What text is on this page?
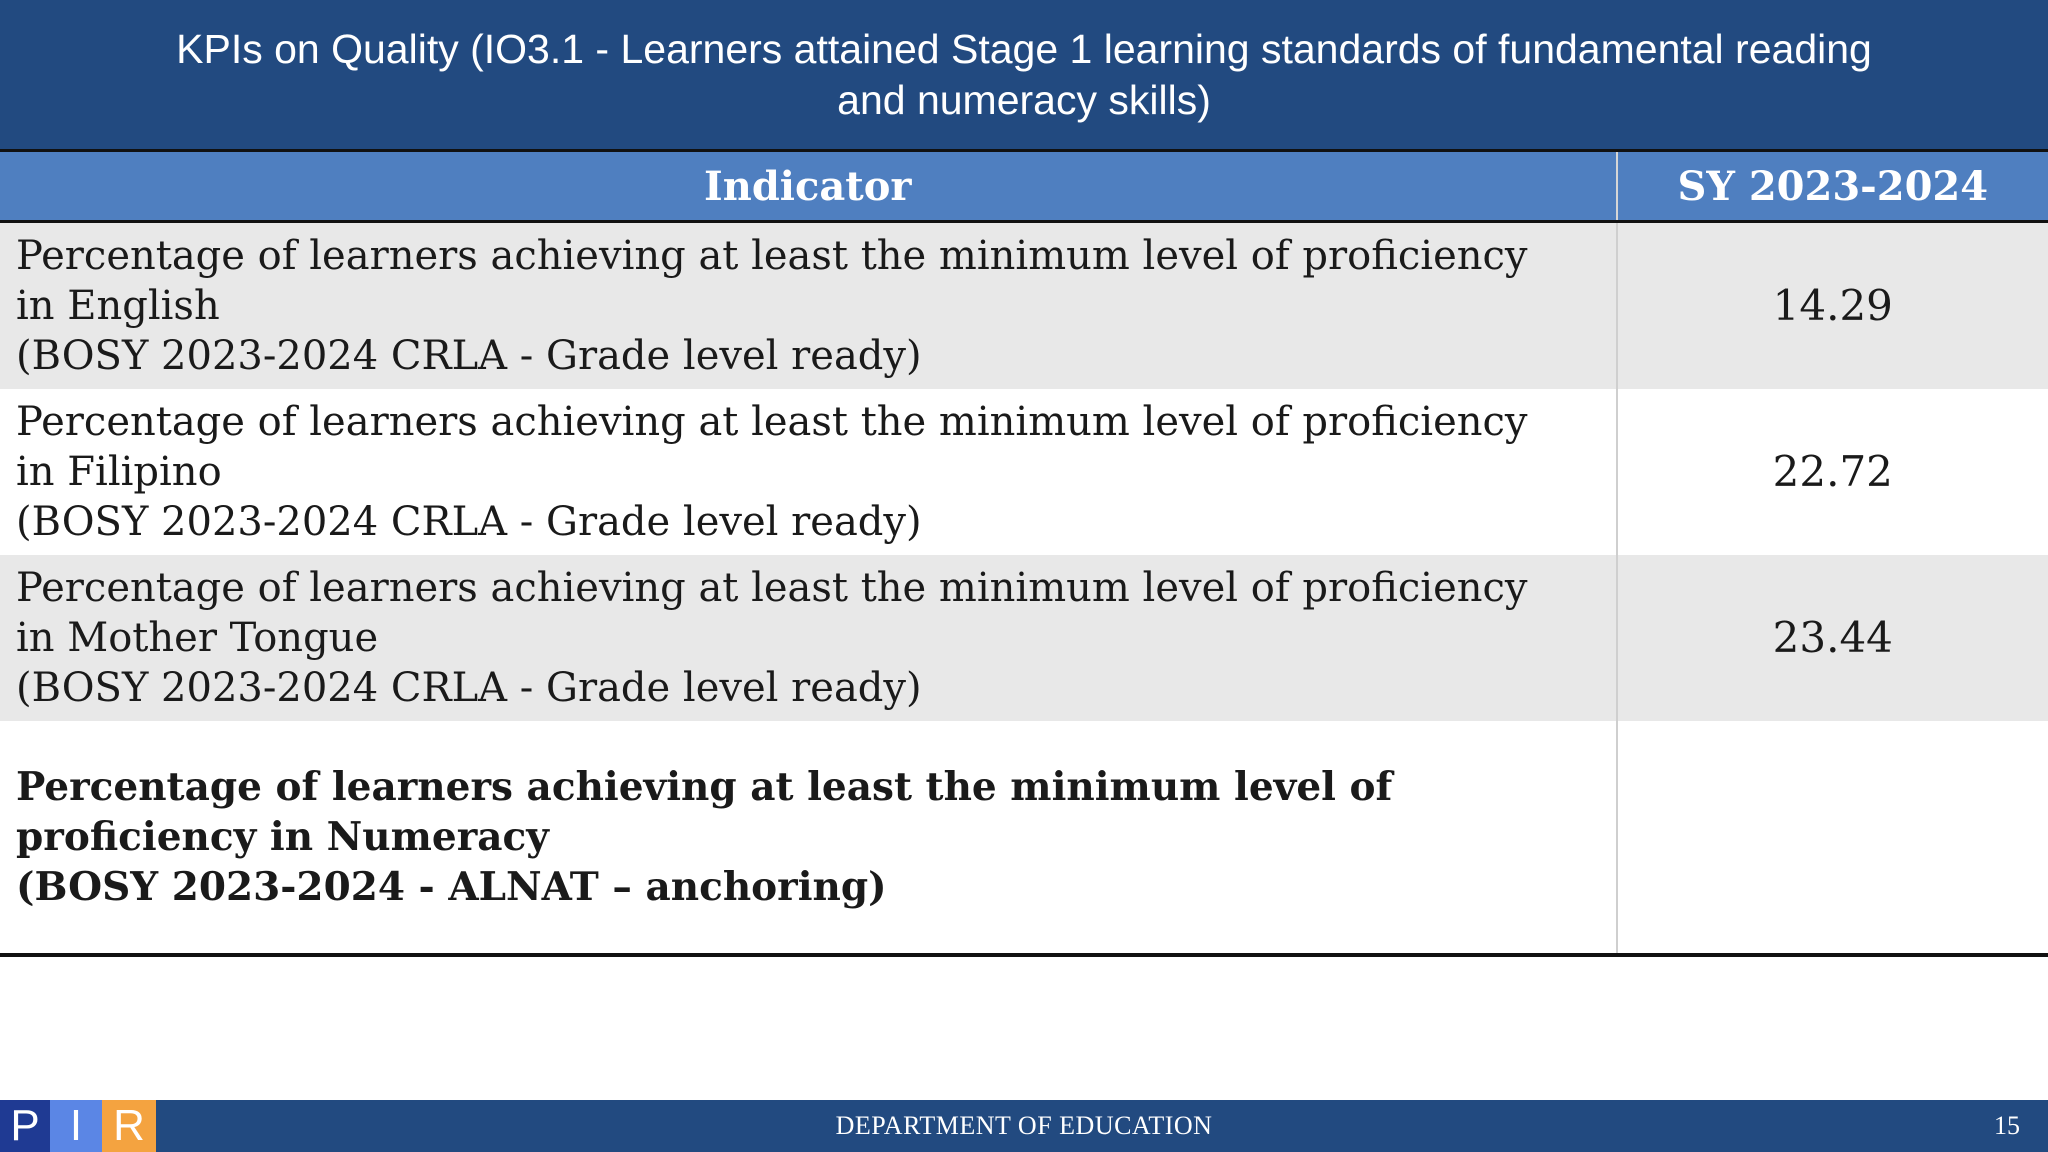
KPIs on Quality (IO3.1 - Learners attained Stage 1 learning standards of fundamental reading
and numeracy skills)
Indicator	SY 2023-2024

Percentage of learners achieving at least the minimum level of proficiency
in English
(BOSY 2023-2024 CRLA - Grade level ready)	14.29

Percentage of learners achieving at least the minimum level of proficiency
in Filipino
(BOSY 2023-2024 CRLA - Grade level ready)	22.72

Percentage of learners achieving at least the minimum level of proficiency
in Mother Tongue
(BOSY 2023-2024 CRLA - Grade level ready)	23.44

Percentage of learners achieving at least the minimum level of
proficiency in Numeracy
(BOSY 2023-2024 - ALNAT – anchoring)	

DEPARTMENT OF EDUCATION
P I R	15
